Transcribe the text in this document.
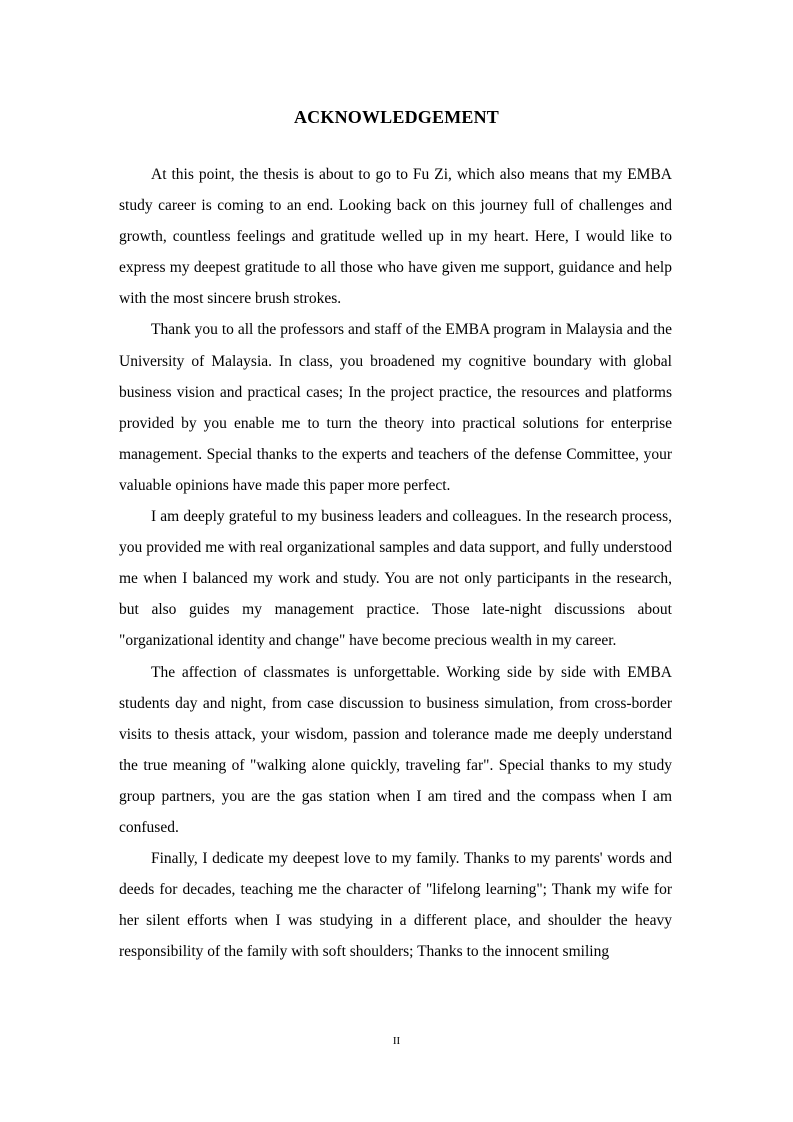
ACKNOWLEDGEMENT

At this point, the thesis is about to go to Fu Zi, which also means that my EMBA study career is coming to an end. Looking back on this journey full of challenges and growth, countless feelings and gratitude welled up in my heart. Here, I would like to express my deepest gratitude to all those who have given me support, guidance and help with the most sincere brush strokes.

Thank you to all the professors and staff of the EMBA program in Malaysia and the University of Malaysia. In class, you broadened my cognitive boundary with global business vision and practical cases; In the project practice, the resources and platforms provided by you enable me to turn the theory into practical solutions for enterprise management. Special thanks to the experts and teachers of the defense Committee, your valuable opinions have made this paper more perfect.

I am deeply grateful to my business leaders and colleagues. In the research process, you provided me with real organizational samples and data support, and fully understood me when I balanced my work and study. You are not only participants in the research, but also guides my management practice. Those late-night discussions about "organizational identity and change" have become precious wealth in my career.

The affection of classmates is unforgettable. Working side by side with EMBA students day and night, from case discussion to business simulation, from cross-border visits to thesis attack, your wisdom, passion and tolerance made me deeply understand the true meaning of "walking alone quickly, traveling far". Special thanks to my study group partners, you are the gas station when I am tired and the compass when I am confused.

Finally, I dedicate my deepest love to my family. Thanks to my parents' words and deeds for decades, teaching me the character of "lifelong learning"; Thank my wife for her silent efforts when I was studying in a different place, and shoulder the heavy responsibility of the family with soft shoulders; Thanks to the innocent smiling

II
